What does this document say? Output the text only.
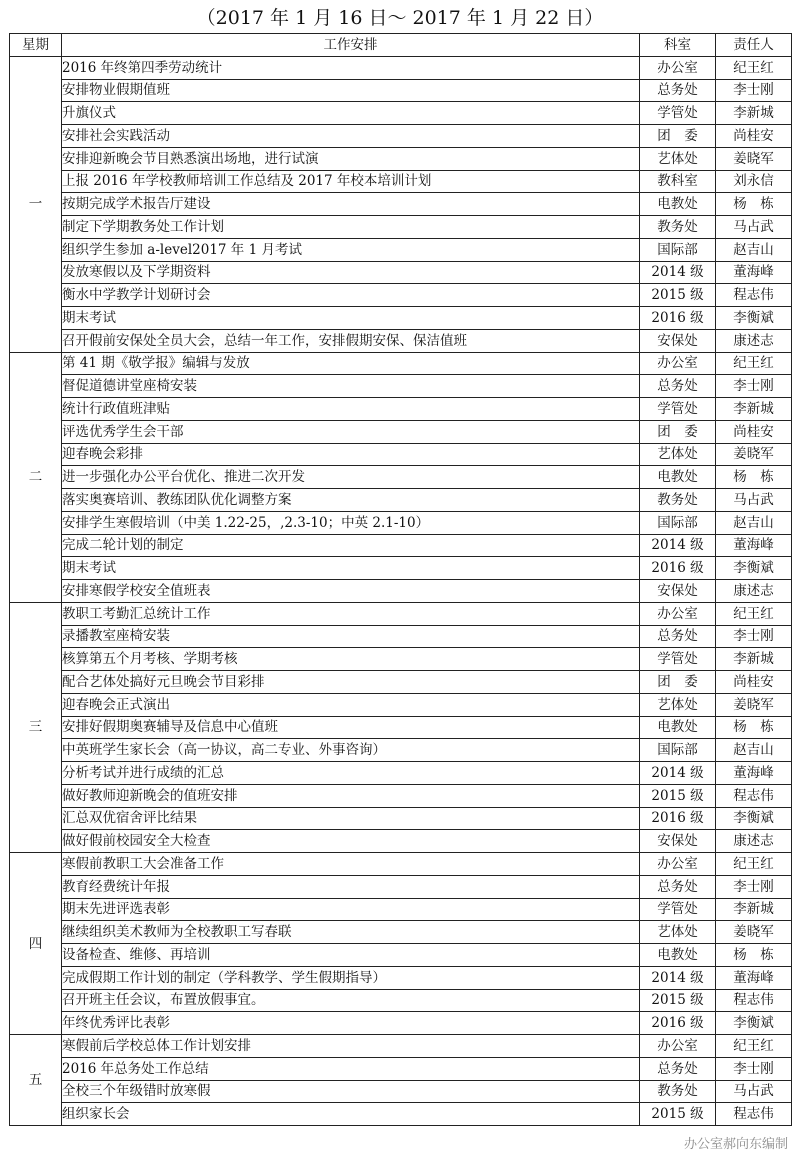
（2017 年 1 月 16 日～ 2017 年 1 月 22 日）
星期	工作安排	科室	责任人
一	2016 年终第四季劳动统计	办公室	纪王红
	安排物业假期值班	总务处	李士刚
	升旗仪式	学管处	李新城
	安排社会实践活动	团　委	尚桂安
	安排迎新晚会节目熟悉演出场地，进行试演	艺体处	姜晓军
	上报 2016 年学校教师培训工作总结及 2017 年校本培训计划	教科室	刘永信
	按期完成学术报告厅建设	电教处	杨　栋
	制定下学期教务处工作计划	教务处	马占武
	组织学生参加 a-level2017 年 1 月考试	国际部	赵吉山
	发放寒假以及下学期资料	2014 级	董海峰
	衡水中学教学计划研讨会	2015 级	程志伟
	期末考试	2016 级	李衡斌
	召开假前安保处全员大会，总结一年工作，安排假期安保、保洁值班	安保处	康述志
二	第 41 期《敬学报》编辑与发放	办公室	纪王红
	督促道德讲堂座椅安装	总务处	李士刚
	统计行政值班津贴	学管处	李新城
	评选优秀学生会干部	团　委	尚桂安
	迎春晚会彩排	艺体处	姜晓军
	进一步强化办公平台优化、推进二次开发	电教处	杨　栋
	落实奥赛培训、教练团队优化调整方案	教务处	马占武
	安排学生寒假培训（中美 1.22-25，,2.3-10；中英 2.1-10）	国际部	赵吉山
	完成二轮计划的制定	2014 级	董海峰
	期末考试	2016 级	李衡斌
	安排寒假学校安全值班表	安保处	康述志
三	教职工考勤汇总统计工作	办公室	纪王红
	录播教室座椅安装	总务处	李士刚
	核算第五个月考核、学期考核	学管处	李新城
	配合艺体处搞好元旦晚会节目彩排	团　委	尚桂安
	迎春晚会正式演出	艺体处	姜晓军
	安排好假期奥赛辅导及信息中心值班	电教处	杨　栋
	中英班学生家长会（高一协议，高二专业、外事咨询）	国际部	赵吉山
	分析考试并进行成绩的汇总	2014 级	董海峰
	做好教师迎新晚会的值班安排	2015 级	程志伟
	汇总双优宿舍评比结果	2016 级	李衡斌
	做好假前校园安全大检查	安保处	康述志
四	寒假前教职工大会准备工作	办公室	纪王红
	教育经费统计年报	总务处	李士刚
	期末先进评选表彰	学管处	李新城
	继续组织美术教师为全校教职工写春联	艺体处	姜晓军
	设备检查、维修、再培训	电教处	杨　栋
	完成假期工作计划的制定（学科教学、学生假期指导）	2014 级	董海峰
	召开班主任会议，布置放假事宜。	2015 级	程志伟
	年终优秀评比表彰	2016 级	李衡斌
五	寒假前后学校总体工作计划安排	办公室	纪王红
	2016 年总务处工作总结	总务处	李士刚
	全校三个年级错时放寒假	教务处	马占武
	组织家长会	2015 级	程志伟
办公室郝向东编制
